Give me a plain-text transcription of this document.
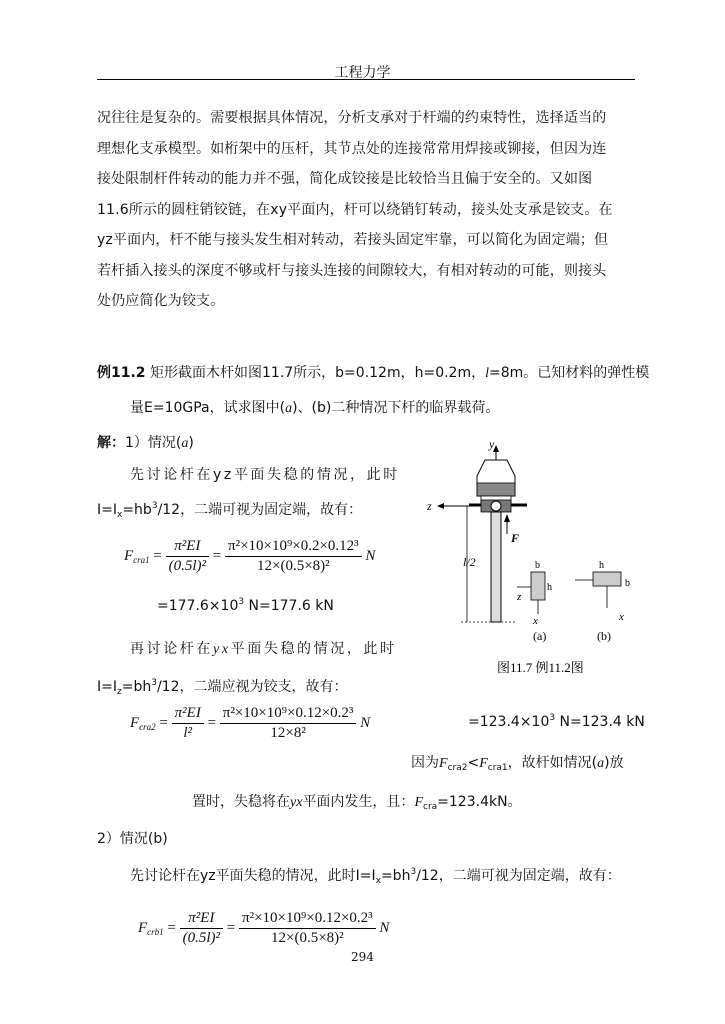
工程力学
况往往是复杂的。需要根据具体情况，分析支承对于杆端的约束特性，选择适当的
理想化支承模型。如桁架中的压杆，其节点处的连接常常用焊接或铆接，但因为连
接处限制杆件转动的能力并不强，简化成铰接是比较恰当且偏于安全的。又如图
11.6所示的圆柱销铰链，在xy平面内，杆可以绕销钉转动，接头处支承是铰支。在
yz平面内，杆不能与接头发生相对转动，若接头固定牢靠，可以简化为固定端；但
若杆插入接头的深度不够或杆与接头连接的间隙较大，有相对转动的可能，则接头
处仍应简化为铰支。
例11.2 矩形截面木杆如图11.7所示，b=0.12m，h=0.2m，l=8m。已知材料的弹性模
量E=10GPa，试求图中(a)、(b)二种情况下杆的临界载荷。
解：1）情况(a)
先讨论杆在yz平面失稳的情况，此时
$I=I_x=hb^3/12$，二端可视为固定端，故有：
$F_{cra1} = \frac{\text{π²EI}}{\text{(0.5l)²}} = \frac{\text{π²×10×10⁹×0.2×0.12³}}{\text{12×(0.5×8)²}}$ N
$=177.6\times 10^3$ N=177.6 kN
再讨论杆在yx平面失稳的情况，此时
$I=I_z=bh^3/12$，二端应视为铰支，故有：
$F_{cra2} = \frac{\text{π²EI}}{\text{l²}} = \frac{\text{π²×10×10⁹×0.12×0.2³}}{\text{12×8²}}$ N	$=123.4\times 10^3$ N=123.4 kN
因为$F_{cra2}<F_{cra1}$，故杆如情况(a)放
置时，失稳将在yx平面内发生，且：$F_{cra}=123.4kN$。
2）情况(b)
先讨论杆在yz平面失稳的情况，此时$I=I_x=bh^3/12$，二端可视为固定端，故有：
$F_{crb1} = \frac{\text{π²EI}}{\text{(0.5l)²}} = \frac{\text{π²×10×10⁹×0.12×0.2³}}{\text{12×(0.5×8)²}}$ N
294
y
z
F
l/2	b
h
z
x
(a)
h
b
x
(b)
图11.7 例11.2图
